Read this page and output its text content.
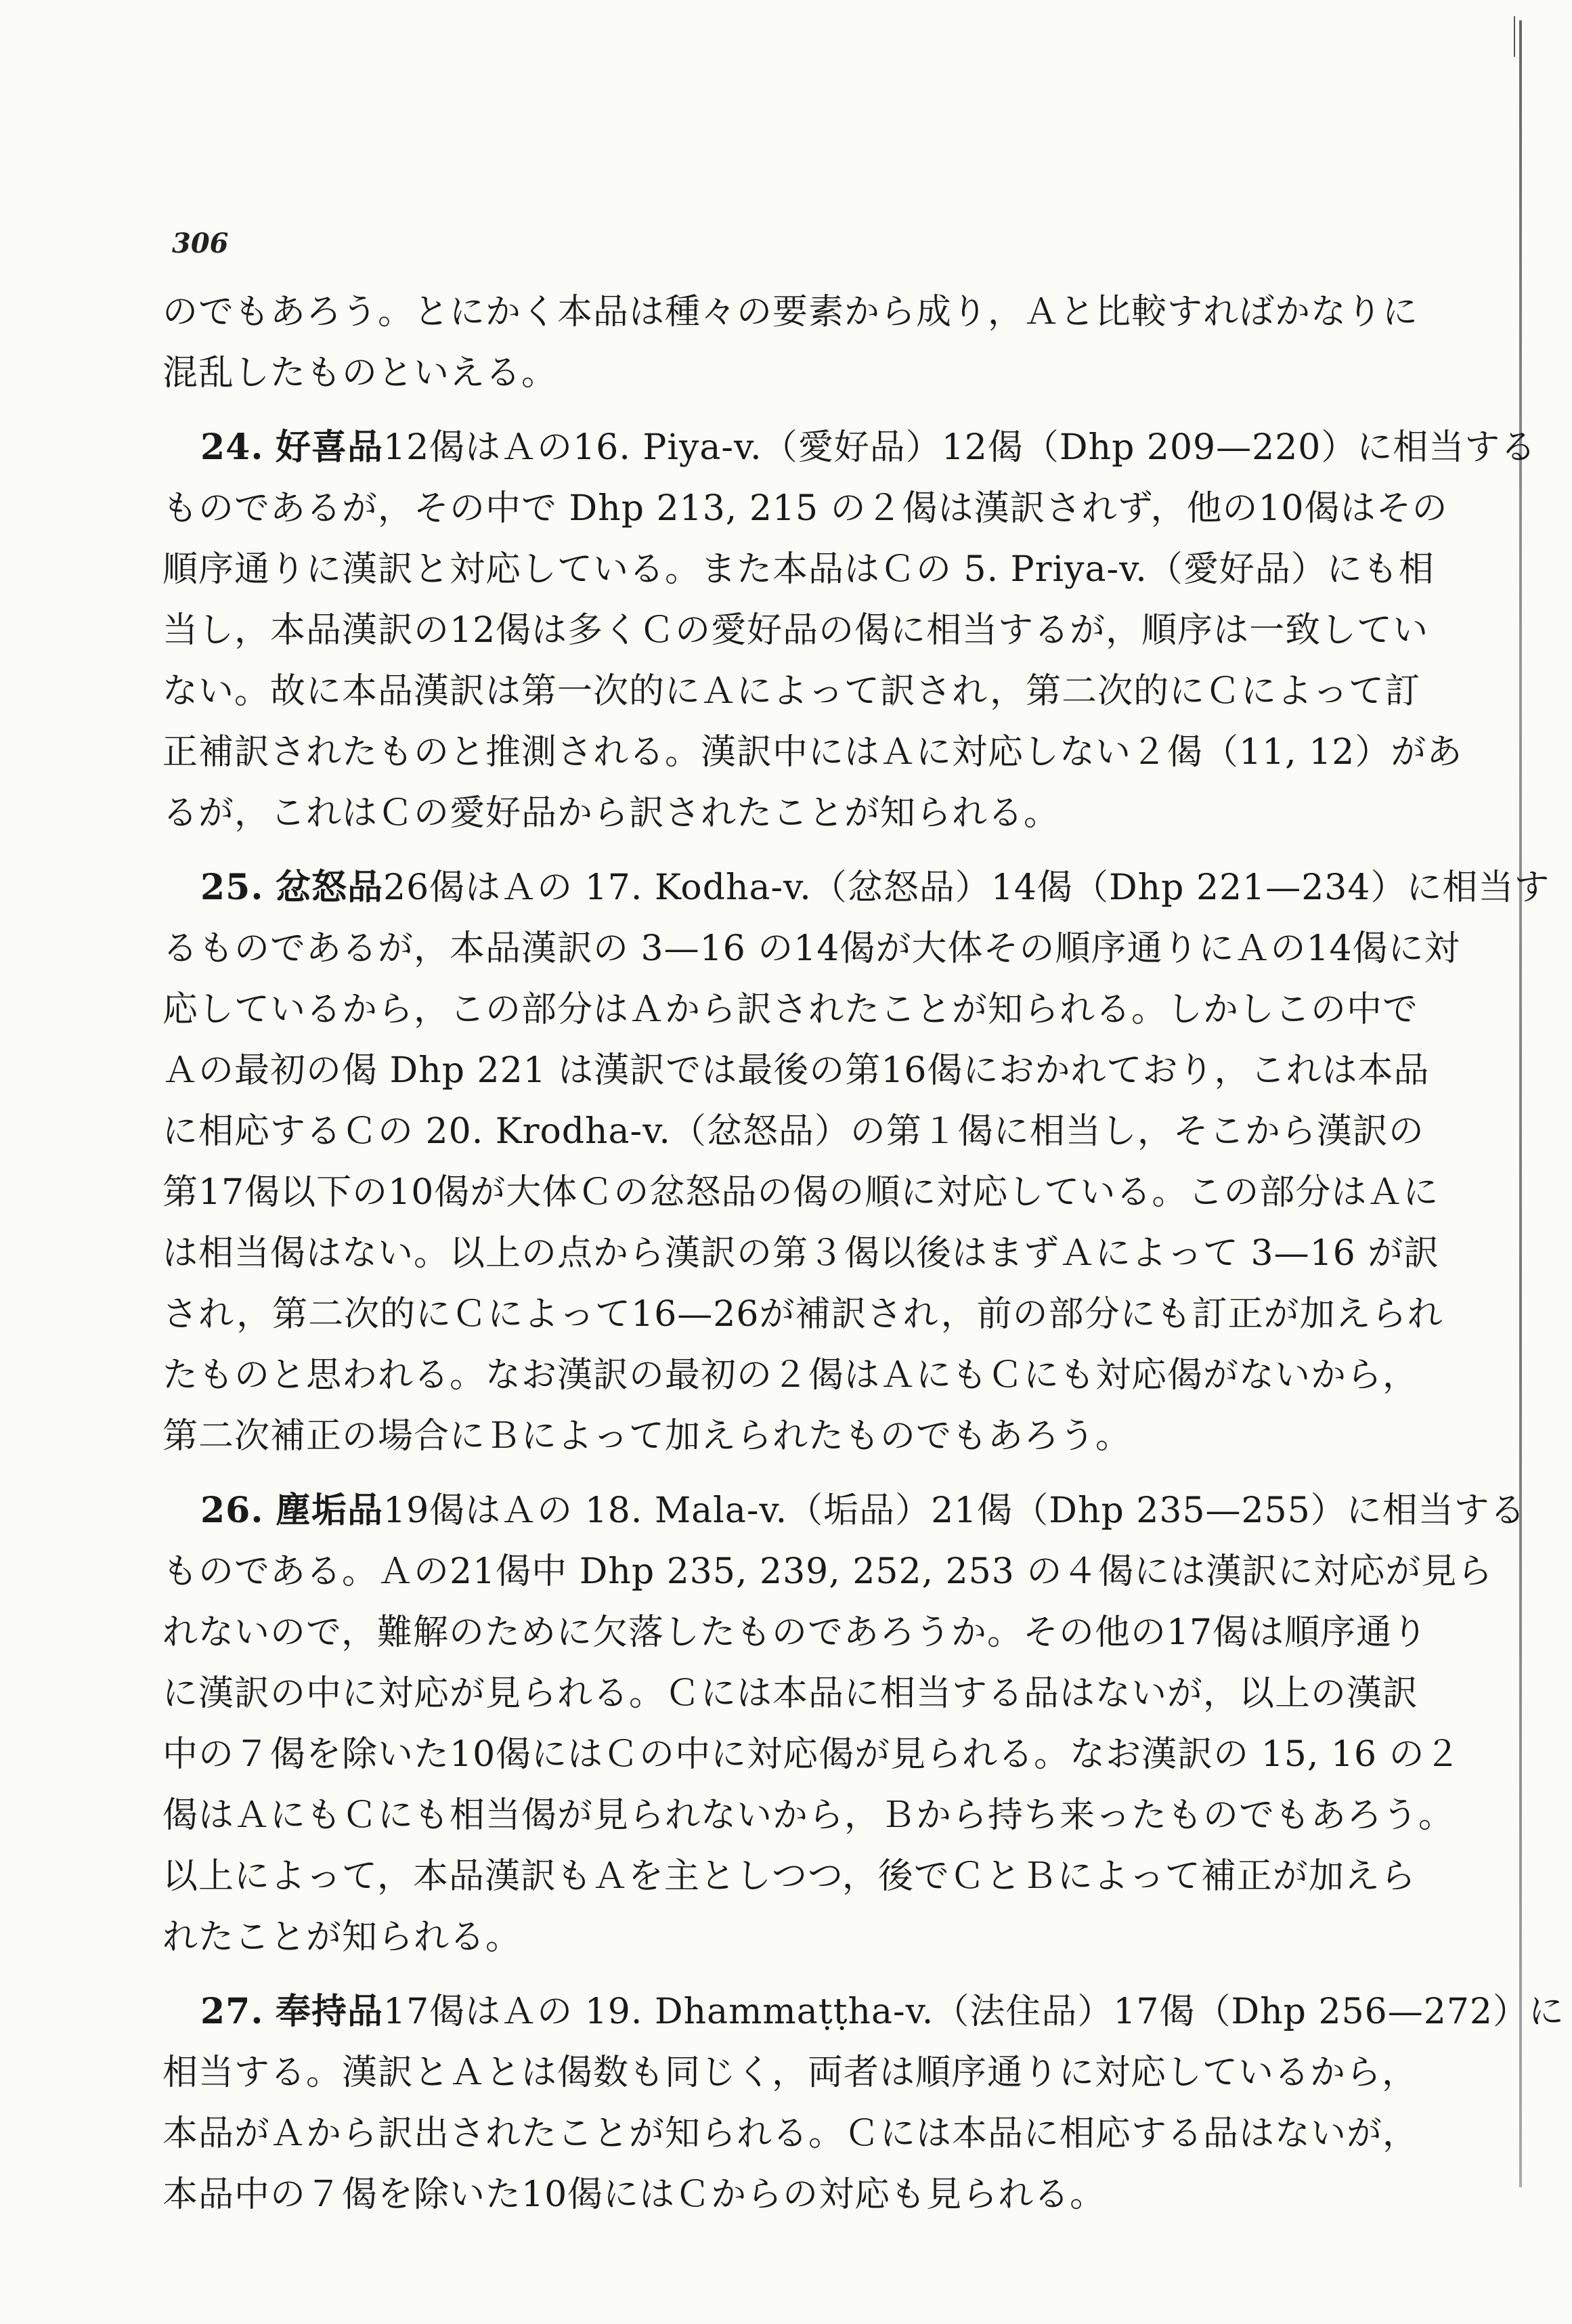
306
のでもあろう。とにかく本品は種々の要素から成り，Ａと比較すればかなりに
混乱したものといえる。
24. 好喜品12偈はＡの16. Piya-v.（愛好品）12偈（Dhp 209—220）に相当する
ものであるが，その中で Dhp 213, 215 の２偈は漢訳されず，他の10偈はその
順序通りに漢訳と対応している。また本品はＣの 5. Priya-v.（愛好品）にも相
当し，本品漢訳の12偈は多くＣの愛好品の偈に相当するが，順序は一致してい
ない。故に本品漢訳は第一次的にＡによって訳され，第二次的にＣによって訂
正補訳されたものと推測される。漢訳中にはＡに対応しない２偈（11, 12）があ
るが，これはＣの愛好品から訳されたことが知られる。
25. 忿怒品26偈はＡの 17. Kodha-v.（忿怒品）14偈（Dhp 221—234）に相当す
るものであるが，本品漢訳の 3—16 の14偈が大体その順序通りにＡの14偈に対
応しているから，この部分はＡから訳されたことが知られる。しかしこの中で
Ａの最初の偈 Dhp 221 は漢訳では最後の第16偈におかれており，これは本品
に相応するＣの 20. Krodha-v.（忿怒品）の第１偈に相当し，そこから漢訳の
第17偈以下の10偈が大体Ｃの忿怒品の偈の順に対応している。この部分はＡに
は相当偈はない。以上の点から漢訳の第３偈以後はまずＡによって 3—16 が訳
され，第二次的にＣによって16—26が補訳され，前の部分にも訂正が加えられ
たものと思われる。なお漢訳の最初の２偈はＡにもＣにも対応偈がないから，
第二次補正の場合にＢによって加えられたものでもあろう。
26. 塵垢品19偈はＡの 18. Mala-v.（垢品）21偈（Dhp 235—255）に相当する
ものである。Ａの21偈中 Dhp 235, 239, 252, 253 の４偈には漢訳に対応が見ら
れないので，難解のために欠落したものであろうか。その他の17偈は順序通り
に漢訳の中に対応が見られる。Ｃには本品に相当する品はないが，以上の漢訳
中の７偈を除いた10偈にはＣの中に対応偈が見られる。なお漢訳の 15, 16 の２
偈はＡにもＣにも相当偈が見られないから，Ｂから持ち来ったものでもあろう。
以上によって，本品漢訳もＡを主としつつ，後でＣとＢによって補正が加えら
れたことが知られる。
27. 奉持品17偈はＡの 19. Dhammaṭṭha-v.（法住品）17偈（Dhp 256—272）に
相当する。漢訳とＡとは偈数も同じく，両者は順序通りに対応しているから，
本品がＡから訳出されたことが知られる。Ｃには本品に相応する品はないが，
本品中の７偈を除いた10偈にはＣからの対応も見られる。
